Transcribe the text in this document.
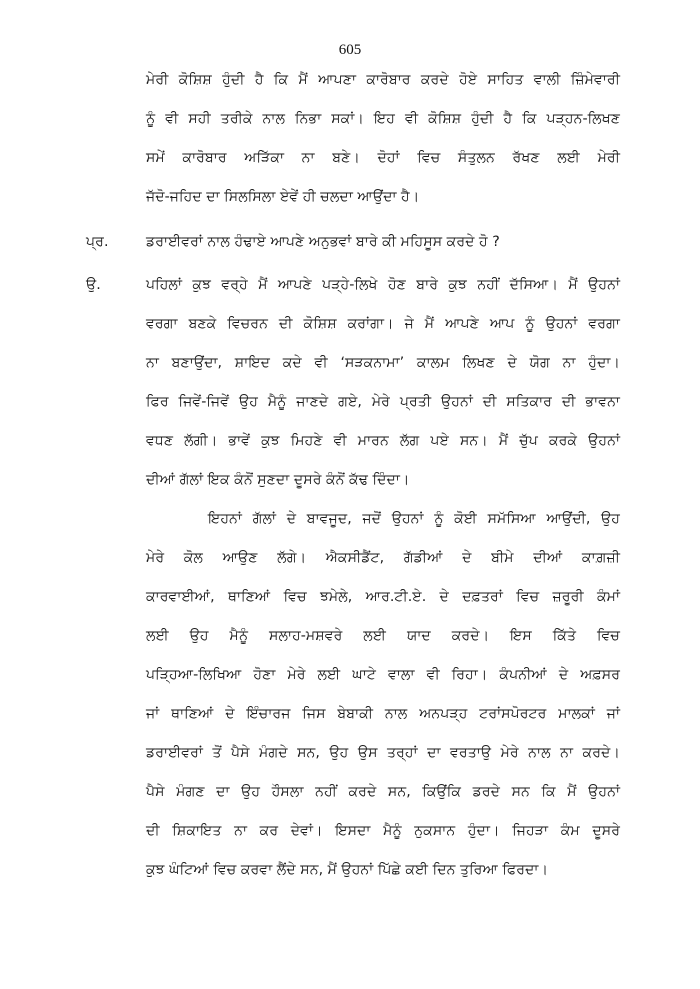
605
ਮੇਰੀ ਕੋਸ਼ਿਸ਼ ਹੁੰਦੀ ਹੈ ਕਿ ਮੈਂ ਆਪਣਾ ਕਾਰੋਬਾਰ ਕਰਦੇ ਹੋਏ ਸਾਹਿਤ ਵਾਲੀ ਜ਼ਿੰਮੇਵਾਰੀ
ਨੂੰ ਵੀ ਸਹੀ ਤਰੀਕੇ ਨਾਲ ਨਿਭਾ ਸਕਾਂ। ਇਹ ਵੀ ਕੋਸ਼ਿਸ਼ ਹੁੰਦੀ ਹੈ ਕਿ ਪੜ੍ਹਨ-ਲਿਖਣ
ਸਮੇਂ ਕਾਰੋਬਾਰ ਅੜਿੱਕਾ ਨਾ ਬਣੇ। ਦੋਹਾਂ ਵਿਚ ਸੰਤੁਲਨ ਰੱਖਣ ਲਈ ਮੇਰੀ
ਜੱਦੋ-ਜਹਿਦ ਦਾ ਸਿਲਸਿਲਾ ਏਵੇਂ ਹੀ ਚਲਦਾ ਆਉਂਦਾ ਹੈ।
ਪ੍ਰ.	ਡਰਾਈਵਰਾਂ ਨਾਲ ਹੰਢਾਏ ਆਪਣੇ ਅਨੁਭਵਾਂ ਬਾਰੇ ਕੀ ਮਹਿਸੂਸ ਕਰਦੇ ਹੋ ?
ਉ.	ਪਹਿਲਾਂ ਕੁਝ ਵਰ੍ਹੇ ਮੈਂ ਆਪਣੇ ਪੜ੍ਹੇ-ਲਿਖੇ ਹੋਣ ਬਾਰੇ ਕੁਝ ਨਹੀਂ ਦੱਸਿਆ। ਮੈਂ ਉਹਨਾਂ
ਵਰਗਾ ਬਣਕੇ ਵਿਚਰਨ ਦੀ ਕੋਸ਼ਿਸ਼ ਕਰਾਂਗਾ। ਜੇ ਮੈਂ ਆਪਣੇ ਆਪ ਨੂੰ ਉਹਨਾਂ ਵਰਗਾ
ਨਾ ਬਣਾਉਂਦਾ, ਸ਼ਾਇਦ ਕਦੇ ਵੀ ‘ਸੜਕਨਾਮਾ’ ਕਾਲਮ ਲਿਖਣ ਦੇ ਯੋਗ ਨਾ ਹੁੰਦਾ।
ਫਿਰ ਜਿਵੇਂ-ਜਿਵੇਂ ਉਹ ਮੈਨੂੰ ਜਾਣਦੇ ਗਏ, ਮੇਰੇ ਪ੍ਰਤੀ ਉਹਨਾਂ ਦੀ ਸਤਿਕਾਰ ਦੀ ਭਾਵਨਾ
ਵਧਣ ਲੱਗੀ। ਭਾਵੇਂ ਕੁਝ ਮਿਹਣੇ ਵੀ ਮਾਰਨ ਲੱਗ ਪਏ ਸਨ। ਮੈਂ ਚੁੱਪ ਕਰਕੇ ਉਹਨਾਂ
ਦੀਆਂ ਗੱਲਾਂ ਇਕ ਕੰਨੋਂ ਸੁਣਦਾ ਦੂਸਰੇ ਕੰਨੋਂ ਕੱਢ ਦਿੰਦਾ।
ਇਹਨਾਂ ਗੱਲਾਂ ਦੇ ਬਾਵਜੂਦ, ਜਦੋਂ ਉਹਨਾਂ ਨੂੰ ਕੋਈ ਸਮੱਸਿਆ ਆਉਂਦੀ, ਉਹ
ਮੇਰੇ ਕੋਲ ਆਉਣ ਲੱਗੇ। ਐਕਸੀਡੈਂਟ, ਗੱਡੀਆਂ ਦੇ ਬੀਮੇ ਦੀਆਂ ਕਾਗ਼ਜ਼ੀ
ਕਾਰਵਾਈਆਂ, ਥਾਣਿਆਂ ਵਿਚ ਝਮੇਲੇ, ਆਰ.ਟੀ.ਏ. ਦੇ ਦਫ਼ਤਰਾਂ ਵਿਚ ਜ਼ਰੂਰੀ ਕੰਮਾਂ
ਲਈ ਉਹ ਮੈਨੂੰ ਸਲਾਹ-ਮਸ਼ਵਰੇ ਲਈ ਯਾਦ ਕਰਦੇ। ਇਸ ਕਿੱਤੇ ਵਿਚ
ਪੜ੍ਹਿਆ-ਲਿਖਿਆ ਹੋਣਾ ਮੇਰੇ ਲਈ ਘਾਟੇ ਵਾਲਾ ਵੀ ਰਿਹਾ। ਕੰਪਨੀਆਂ ਦੇ ਅਫ਼ਸਰ
ਜਾਂ ਥਾਣਿਆਂ ਦੇ ਇੰਚਾਰਜ ਜਿਸ ਬੇਬਾਕੀ ਨਾਲ ਅਨਪੜ੍ਹ ਟਰਾਂਸਪੋਰਟਰ ਮਾਲਕਾਂ ਜਾਂ
ਡਰਾਈਵਰਾਂ ਤੋਂ ਪੈਸੇ ਮੰਗਦੇ ਸਨ, ਉਹ ਉਸ ਤਰ੍ਹਾਂ ਦਾ ਵਰਤਾਉ ਮੇਰੇ ਨਾਲ ਨਾ ਕਰਦੇ।
ਪੈਸੇ ਮੰਗਣ ਦਾ ਉਹ ਹੌਸਲਾ ਨਹੀਂ ਕਰਦੇ ਸਨ, ਕਿਉਂਕਿ ਡਰਦੇ ਸਨ ਕਿ ਮੈਂ ਉਹਨਾਂ
ਦੀ ਸ਼ਿਕਾਇਤ ਨਾ ਕਰ ਦੇਵਾਂ। ਇਸਦਾ ਮੈਨੂੰ ਨੁਕਸਾਨ ਹੁੰਦਾ। ਜਿਹੜਾ ਕੰਮ ਦੂਸਰੇ
ਕੁਝ ਘੰਟਿਆਂ ਵਿਚ ਕਰਵਾ ਲੈਂਦੇ ਸਨ, ਮੈਂ ਉਹਨਾਂ ਪਿੱਛੇ ਕਈ ਦਿਨ ਤੁਰਿਆ ਫਿਰਦਾ।
